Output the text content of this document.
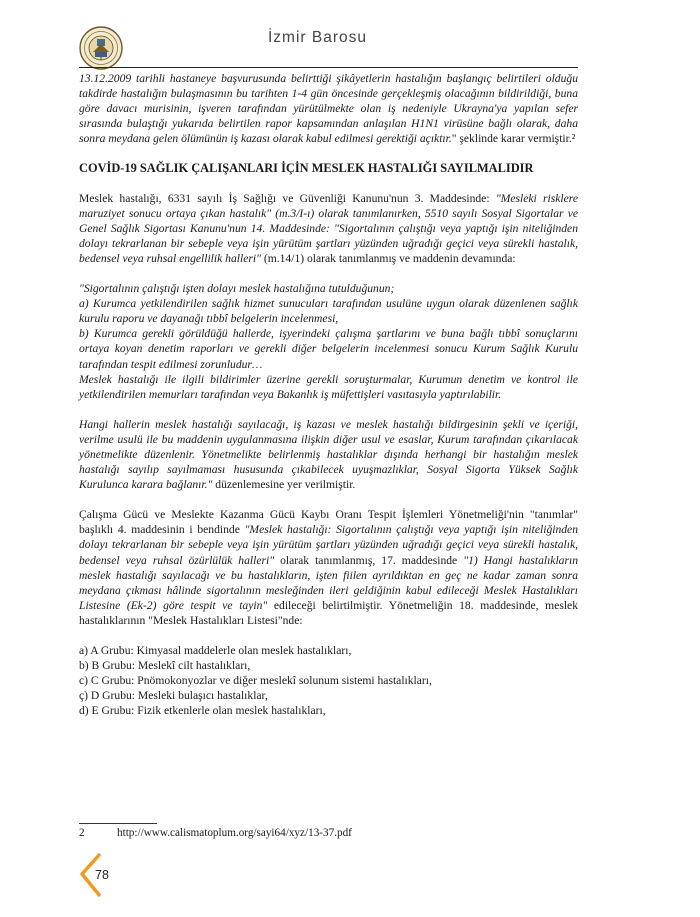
İzmir Barosu

13.12.2009 tarihli hastaneye başvurusunda belirttiği şikâyetlerin hastalığın başlangıç belirtileri olduğu takdirde hastalığın bulaşmasının bu tarihten 1-4 gün öncesinde gerçekleşmiş olacağının bildirildiği, buna göre davacı murisinin, işveren tarafından yürütülmekte olan iş nedeniyle Ukrayna'ya yapılan sefer sırasında bulaştığı yukarıda belirtilen rapor kapsamından anlaşılan H1N1 virüsüne bağlı olarak, daha sonra meydana gelen ölümünün iş kazası olarak kabul edilmesi gerektiği açıktır." şeklinde karar vermiştir.²

COVİD-19 SAĞLIK ÇALIŞANLARI İÇİN MESLEK HASTALIĞI SAYILMALIDIR

Meslek hastalığı, 6331 sayılı İş Sağlığı ve Güvenliği Kanunu'nun 3. Maddesinde: "Mesleki risklere maruziyet sonucu ortaya çıkan hastalık" (m.3/I-ı) olarak tanımlanırken, 5510 sayılı Sosyal Sigortalar ve Genel Sağlık Sigortası Kanunu'nun 14. Maddesinde: "Sigortalının çalıştığı veya yaptığı işin niteliğinden dolayı tekrarlanan bir sebeple veya işin yürütüm şartları yüzünden uğradığı geçici veya sürekli hastalık, bedensel veya ruhsal engellilik halleri" (m.14/1) olarak tanımlanmış ve maddenin devamında:

"Sigortalının çalıştığı işten dolayı meslek hastalığına tutulduğunun;

a) Kurumca yetkilendirilen sağlık hizmet sunucuları tarafından usulüne uygun olarak düzenlenen sağlık kurulu raporu ve dayanağı tıbbî belgelerin incelenmesi,

b) Kurumca gerekli görüldüğü hallerde, işyerindeki çalışma şartlarını ve buna bağlı tıbbî sonuçlarını ortaya koyan denetim raporları ve gerekli diğer belgelerin incelenmesi sonucu Kurum Sağlık Kurulu tarafından tespit edilmesi zorunludur…

Meslek hastalığı ile ilgili bildirimler üzerine gerekli soruşturmalar, Kurumun denetim ve kontrol ile yetkilendirilen memurları tarafından veya Bakanlık iş müfettişleri vasıtasıyla yaptırılabilir.

Hangi hallerin meslek hastalığı sayılacağı, iş kazası ve meslek hastalığı bildirgesinin şekli ve içeriği, verilme usulü ile bu maddenin uygulanmasına ilişkin diğer usul ve esaslar, Kurum tarafından çıkarılacak yönetmelikte düzenlenir. Yönetmelikte belirlenmiş hastalıklar dışında herhangi bir hastalığın meslek hastalığı sayılıp sayılmaması hususunda çıkabilecek uyuşmazlıklar, Sosyal Sigorta Yüksek Sağlık Kurulunca karara bağlanır." düzenlemesine yer verilmiştir.

Çalışma Gücü ve Meslekte Kazanma Gücü Kaybı Oranı Tespit İşlemleri Yönetmeliği'nin "tanımlar" başlıklı 4. maddesinin i bendinde "Meslek hastalığı: Sigortalının çalıştığı veya yaptığı işin niteliğinden dolayı tekrarlanan bir sebeple veya işin yürütüm şartları yüzünden uğradığı geçici veya sürekli hastalık, bedensel veya ruhsal özürlülük halleri" olarak tanımlanmış, 17. maddesinde "1) Hangi hastalıkların meslek hastalığı sayılacağı ve bu hastalıkların, işten fiilen ayrıldıktan en geç ne kadar zaman sonra meydana çıkması hâlinde sigortalının mesleğinden ileri geldiğinin kabul edileceği Meslek Hastalıkları Listesine (Ek-2) göre tespit ve tayin" edileceği belirtilmiştir. Yönetmeliğin 18. maddesinde, meslek hastalıklarının "Meslek Hastalıkları Listesi"nde:

a) A Grubu: Kimyasal maddelerle olan meslek hastalıkları,

b) B Grubu: Meslekî cilt hastalıkları,

c) C Grubu: Pnömokonyozlar ve diğer meslekî solunum sistemi hastalıkları,

ç) D Grubu: Mesleki bulaşıcı hastalıklar,

d) E Grubu: Fizik etkenlerle olan meslek hastalıkları,

2	http://www.calismatoplum.org/sayi64/xyz/13-37.pdf
78
